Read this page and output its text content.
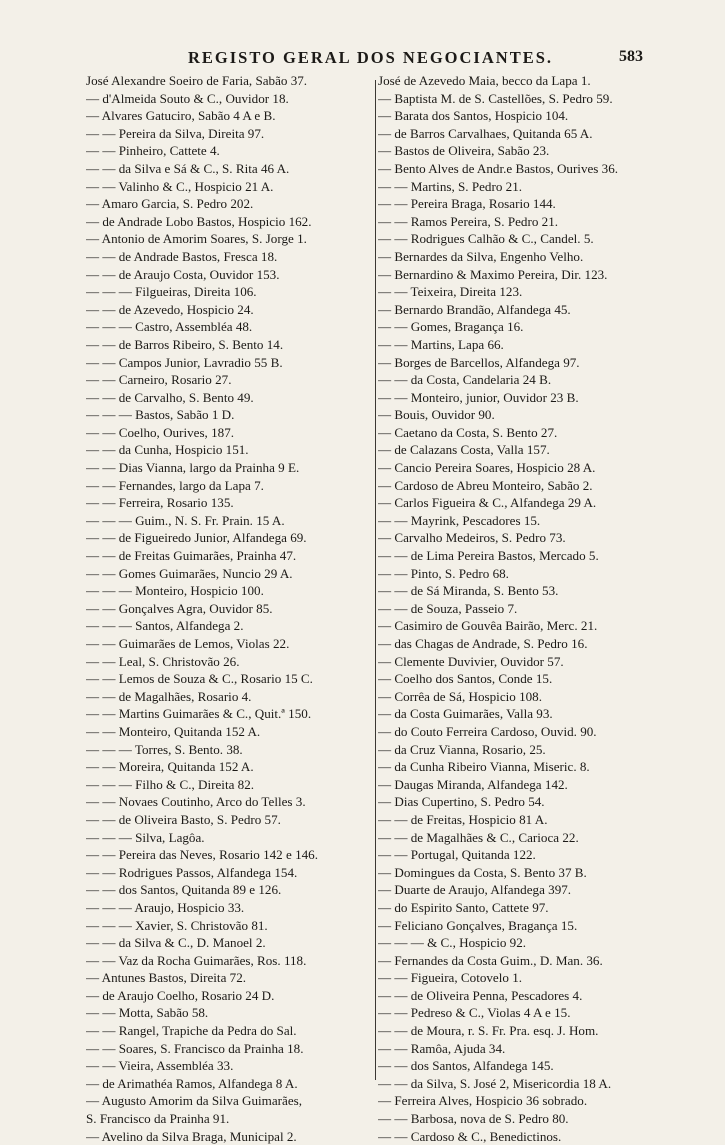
REGISTO GERAL DOS NEGOCIANTES.	583
José Alexandre Soeiro de Faria, Sabão 37.
— d'Almeida Souto & C., Ouvidor 18.
— Alvares Gatuciro, Sabão 4 A e B.
— — Pereira da Silva, Direita 97.
— — Pinheiro, Cattete 4.
— — da Silva e Sá & C., S. Rita 46 A.
— — Valinho & C., Hospicio 21 A.
— Amaro Garcia, S. Pedro 202.
— de Andrade Lobo Bastos, Hospicio 162.
— Antonio de Amorim Soares, S. Jorge 1.
— — de Andrade Bastos, Fresca 18.
— — de Araujo Costa, Ouvidor 153.
— — — Filgueiras, Direita 106.
— — de Azevedo, Hospicio 24.
— — — Castro, Assembléa 48.
— — de Barros Ribeiro, S. Bento 14.
— — Campos Junior, Lavradio 55 B.
— — Carneiro, Rosario 27.
— — de Carvalho, S. Bento 49.
— — — Bastos, Sabão 1 D.
— — Coelho, Ourives, 187.
— — da Cunha, Hospicio 151.
— — Dias Vianna, largo da Prainha 9 E.
— — Fernandes, largo da Lapa 7.
— — Ferreira, Rosario 135.
— — — Guim., N. S. Fr. Prain. 15 A.
— — de Figueiredo Junior, Alfandega 69.
— — de Freitas Guimarães, Prainha 47.
— — Gomes Guimarães, Nuncio 29 A.
— — — Monteiro, Hospicio 100.
— — Gonçalves Agra, Ouvidor 85.
— — — Santos, Alfandega 2.
— — Guimarães de Lemos, Violas 22.
— — Leal, S. Christovão 26.
— — Lemos de Souza & C., Rosario 15 C.
— — de Magalhães, Rosario 4.
— — Martins Guimarães & C., Quit.ª 150.
— — Monteiro, Quitanda 152 A.
— — — Torres, S. Bento. 38.
— — Moreira, Quitanda 152 A.
— — — Filho & C., Direita 82.
— — Novaes Coutinho, Arco do Telles 3.
— — de Oliveira Basto, S. Pedro 57.
— — — Silva, Lagôa.
— — Pereira das Neves, Rosario 142 e 146.
— — Rodrigues Passos, Alfandega 154.
— — dos Santos, Quitanda 89 e 126.
— — — Araujo, Hospicio 33.
— — — Xavier, S. Christovão 81.
— — da Silva & C., D. Manoel 2.
— — Vaz da Rocha Guimarães, Ros. 118.
— Antunes Bastos, Direita 72.
— de Araujo Coelho, Rosario 24 D.
— — Motta, Sabão 58.
— — Rangel, Trapiche da Pedra do Sal.
— — Soares, S. Francisco da Prainha 18.
— — Vieira, Assembléa 33.
— de Arimathéa Ramos, Alfandega 8 A.
— Augusto Amorim da Silva Guimarães,
S. Francisco da Prainha 91.
— Avelino da Silva Braga, Municipal 2.
José de Azevedo Maia, becco da Lapa 1.
— Baptista M. de S. Castellões, S. Pedro 59.
— Barata dos Santos, Hospicio 104.
— de Barros Carvalhaes, Quitanda 65 A.
— Bastos de Oliveira, Sabão 23.
— Bento Alves de Andr.e Bastos, Ourives 36.
— — Martins, S. Pedro 21.
— — Pereira Braga, Rosario 144.
— — Ramos Pereira, S. Pedro 21.
— — Rodrigues Calhão & C., Candel. 5.
— Bernardes da Silva, Engenho Velho.
— Bernardino & Maximo Pereira, Dir. 123.
— — Teixeira, Direita 123.
— Bernardo Brandão, Alfandega 45.
— — Gomes, Bragança 16.
— — Martins, Lapa 66.
— Borges de Barcellos, Alfandega 97.
— — da Costa, Candelaria 24 B.
— — Monteiro, junior, Ouvidor 23 B.
— Bouis, Ouvidor 90.
— Caetano da Costa, S. Bento 27.
— de Calazans Costa, Valla 157.
— Cancio Pereira Soares, Hospicio 28 A.
— Cardoso de Abreu Monteiro, Sabão 2.
— Carlos Figueira & C., Alfandega 29 A.
— — Mayrink, Pescadores 15.
— Carvalho Medeiros, S. Pedro 73.
— — de Lima Pereira Bastos, Mercado 5.
— — Pinto, S. Pedro 68.
— — de Sá Miranda, S. Bento 53.
— — de Souza, Passeio 7.
— Casimiro de Gouvêa Bairão, Merc. 21.
— das Chagas de Andrade, S. Pedro 16.
— Clemente Duvivier, Ouvidor 57.
— Coelho dos Santos, Conde 15.
— Corrêa de Sá, Hospicio 108.
— da Costa Guimarães, Valla 93.
— do Couto Ferreira Cardoso, Ouvid. 90.
— da Cruz Vianna, Rosario, 25.
— da Cunha Ribeiro Vianna, Miseric. 8.
— Daugas Miranda, Alfandega 142.
— Dias Cupertino, S. Pedro 54.
— — de Freitas, Hospicio 81 A.
— — de Magalhães & C., Carioca 22.
— — Portugal, Quitanda 122.
— Domingues da Costa, S. Bento 37 B.
— Duarte de Araujo, Alfandega 397.
— do Espirito Santo, Cattete 97.
— Feliciano Gonçalves, Bragança 15.
— — — & C., Hospicio 92.
— Fernandes da Costa Guim., D. Man. 36.
— — Figueira, Cotovelo 1.
— — de Oliveira Penna, Pescadores 4.
— — Pedreso & C., Violas 4 A e 15.
— — de Moura, r. S. Fr. Pra. esq. J. Hom.
— — Ramôa, Ajuda 34.
— — dos Santos, Alfandega 145.
— — da Silva, S. José 2, Misericordia 18 A.
— Ferreira Alves, Hospicio 36 sobrado.
— — Barbosa, nova de S. Pedro 80.
— — Cardoso & C., Benedictinos.
